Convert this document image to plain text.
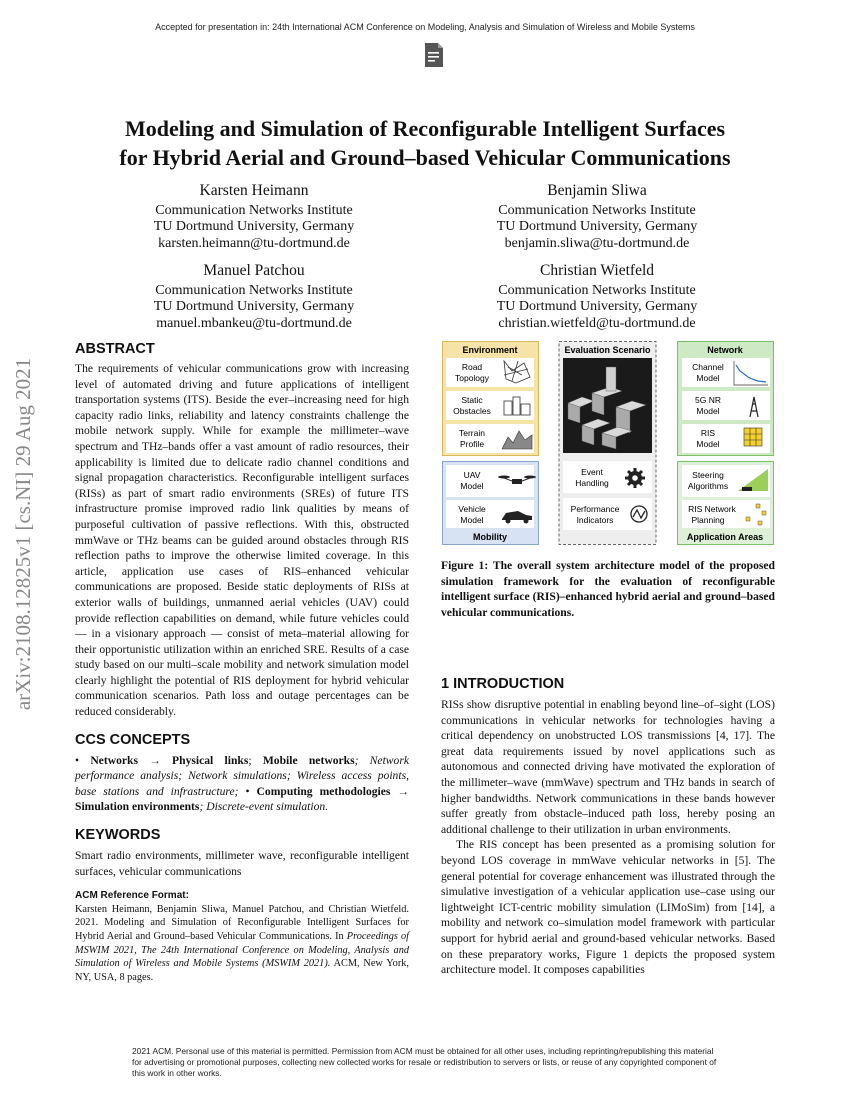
Accepted for presentation in: 24th International ACM Conference on Modeling, Analysis and Simulation of Wireless and Mobile Systems
Modeling and Simulation of Reconfigurable Intelligent Surfaces
for Hybrid Aerial and Ground–based Vehicular Communications
Karsten Heimann
Communication Networks Institute
TU Dortmund University, Germany
karsten.heimann@tu-dortmund.de
Benjamin Sliwa
Communication Networks Institute
TU Dortmund University, Germany
benjamin.sliwa@tu-dortmund.de
Manuel Patchou
Communication Networks Institute
TU Dortmund University, Germany
manuel.mbankeu@tu-dortmund.de
Christian Wietfeld
Communication Networks Institute
TU Dortmund University, Germany
christian.wietfeld@tu-dortmund.de
arXiv:2108.12825v1 [cs.NI] 29 Aug 2021
ABSTRACT
The requirements of vehicular communications grow with increasing level of automated driving and future applications of intelligent transportation systems (ITS). Beside the ever–increasing need for high capacity radio links, reliability and latency constraints challenge the mobile network supply. While for example the millimeter–wave spectrum and THz–bands offer a vast amount of radio resources, their applicability is limited due to delicate radio channel conditions and signal propagation characteristics. Reconfigurable intelligent surfaces (RISs) as part of smart radio environments (SREs) of future ITS infrastructure promise improved radio link qualities by means of purposeful cultivation of passive reflections. With this, obstructed mmWave or THz beams can be guided around obstacles through RIS reflection paths to improve the otherwise limited coverage. In this article, application use cases of RIS–enhanced vehicular communications are proposed. Beside static deployments of RISs at exterior walls of buildings, unmanned aerial vehicles (UAV) could provide reflection capabilities on demand, while future vehicles could — in a visionary approach — consist of meta–material allowing for their opportunistic utilization within an enriched SRE. Results of a case study based on our multi–scale mobility and network simulation model clearly highlight the potential of RIS deployment for hybrid vehicular communication scenarios. Path loss and outage percentages can be reduced considerably.
CCS CONCEPTS
• Networks → Physical links; Mobile networks; Network performance analysis; Network simulations; Wireless access points, base stations and infrastructure; • Computing methodologies → Simulation environments; Discrete-event simulation.
KEYWORDS
Smart radio environments, millimeter wave, reconfigurable intelligent surfaces, vehicular communications
ACM Reference Format:
Karsten Heimann, Benjamin Sliwa, Manuel Patchou, and Christian Wietfeld. 2021. Modeling and Simulation of Reconfigurable Intelligent Surfaces for Hybrid Aerial and Ground–based Vehicular Communications. In Proceedings of MSWIM 2021, The 24th International Conference on Modeling, Analysis and Simulation of Wireless and Mobile Systems (MSWIM 2021). ACM, New York, NY, USA, 8 pages.
Environment
Road
Topology
Static
Obstacles
Terrain
Profile
Evaluation Scenario
Event
Handling
Performance
Indicators
Network
Channel
Model
5G NR
Model
RIS
Model
UAV
Model
Vehicle
Model
Mobility
Steering
Algorithms
RIS Network
Planning
Application Areas
Figure 1: The overall system architecture model of the proposed simulation framework for the evaluation of reconfigurable intelligent surface (RIS)–enhanced hybrid aerial and ground–based vehicular communications.
1 INTRODUCTION
RISs show disruptive potential in enabling beyond line–of–sight (LOS) communications in vehicular networks for technologies having a critical dependency on unobstructed LOS transmissions [4, 17]. The great data requirements issued by novel applications such as autonomous and connected driving have motivated the exploration of the millimeter–wave (mmWave) spectrum and THz bands in search of higher bandwidths. Network communications in these bands however suffer greatly from obstacle–induced path loss, hereby posing an additional challenge to their utilization in urban environments.
The RIS concept has been presented as a promising solution for beyond LOS coverage in mmWave vehicular networks in [5]. The general potential for coverage enhancement was illustrated through the simulative investigation of a vehicular application use–case using our lightweight ICT-centric mobility simulation (LIMoSim) from [14], a mobility and network co–simulation model framework with particular support for hybrid aerial and ground-based vehicular networks. Based on these preparatory works, Figure 1 depicts the proposed system architecture model. It composes capabilities
2021 ACM. Personal use of this material is permitted. Permission from ACM must be obtained for all other uses, including reprinting/republishing this material for advertising or promotional purposes, collecting new collected works for resale or redistribution to servers or lists, or reuse of any copyrighted component of this work in other works.
